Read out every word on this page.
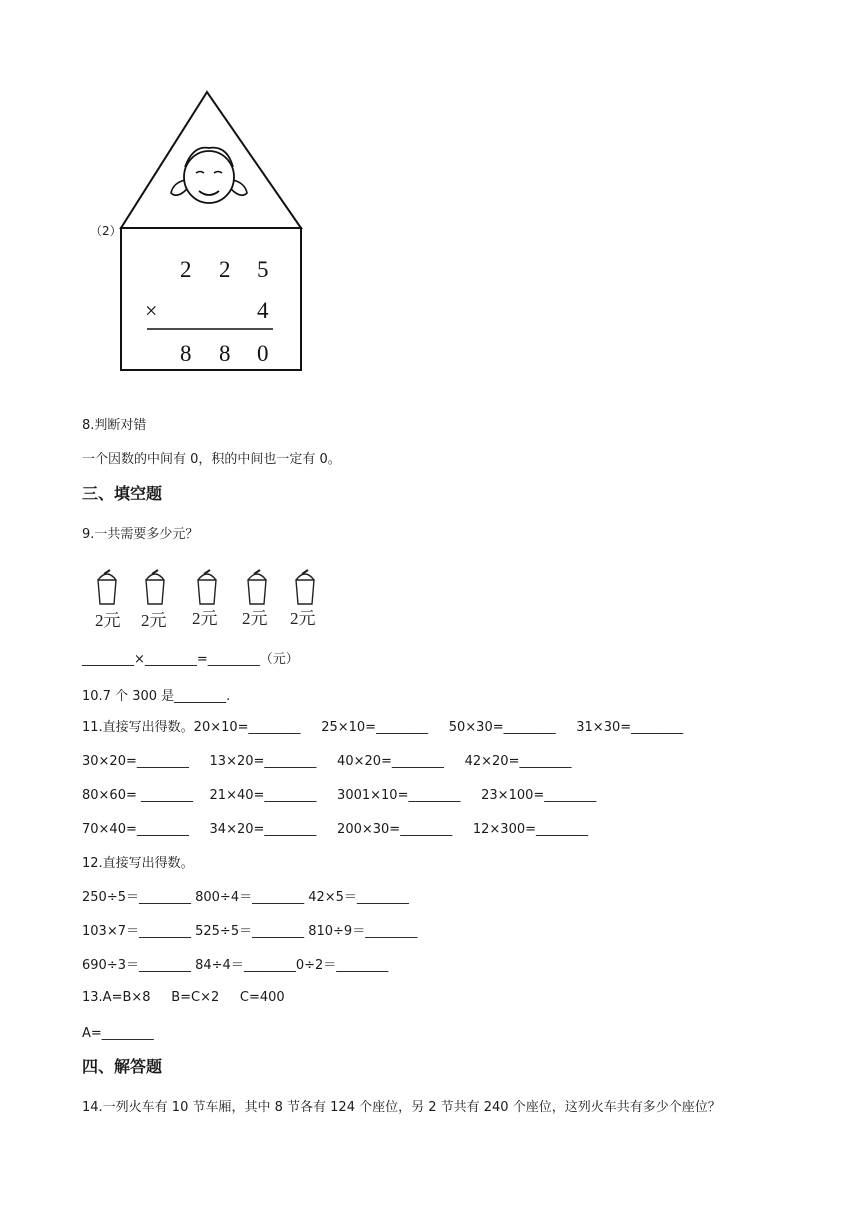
（2）
2 2 5
×	4
8 8 0
8.判断对错
一个因数的中间有 0，积的中间也一定有 0。
三、填空题
9.一共需要多少元？
2元 2元 2元 2元 2元
________×________=________（元）
10.7 个 300 是________.
11.直接写出得数。20×10=________     25×10=________     50×30=________     31×30=________
30×20=________     13×20=________     40×20=________     42×20=________
80×60= ________    21×40=________     3001×10=________     23×100=________
70×40=________     34×20=________     200×30=________     12×300=________
12.直接写出得数。
250÷5＝________ 800÷4＝________ 42×5＝________
103×7＝________ 525÷5＝________ 810÷9＝________
690÷3＝________ 84÷4＝________0÷2＝________
13.A=B×8     B=C×2     C=400
A=________
四、解答题
14.一列火车有 10 节车厢，其中 8 节各有 124 个座位，另 2 节共有 240 个座位，这列火车共有多少个座位？
